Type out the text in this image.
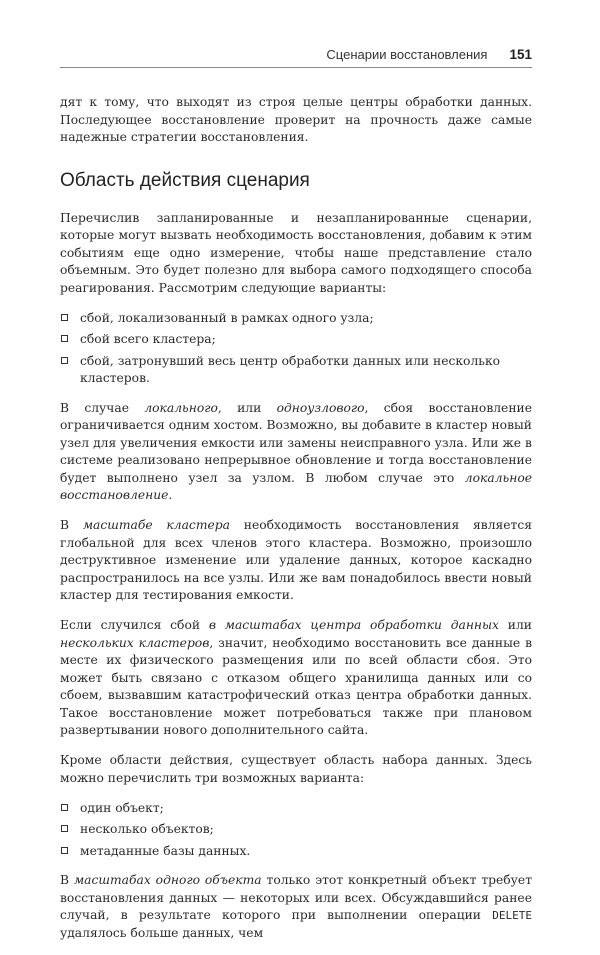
Сценарии восстановления 151

дят к тому, что выходят из строя целые центры обработки данных. Последующее восстановление проверит на прочность даже самые надежные стратегии восстановления.

Область действия сценария

Перечислив запланированные и незапланированные сценарии, которые могут вызвать необходимость восстановления, добавим к этим событиям еще одно измерение, чтобы наше представление стало объемным. Это будет полезно для выбора самого подходящего способа реагирования. Рассмотрим следующие варианты:

сбой, локализованный в рамках одного узла;
сбой всего кластера;
сбой, затронувший весь центр обработки данных или несколько кластеров.

В случае локального, или одноузлового, сбоя восстановление ограничивается одним хостом. Возможно, вы добавите в кластер новый узел для увеличения емкости или замены неисправного узла. Или же в системе реализовано непрерывное обновление и тогда восстановление будет выполнено узел за узлом. В любом случае это локальное восстановление.

В масштабе кластера необходимость восстановления является глобальной для всех членов этого кластера. Возможно, произошло деструктивное изменение или удаление данных, которое каскадно распространилось на все узлы. Или же вам понадобилось ввести новый кластер для тестирования емкости.

Если случился сбой в масштабах центра обработки данных или нескольких кластеров, значит, необходимо восстановить все данные в месте их физического размещения или по всей области сбоя. Это может быть связано с отказом общего хранилища данных или со сбоем, вызвавшим катастрофический отказ центра обработки данных. Такое восстановление может потребоваться также при плановом развертывании нового дополнительного сайта.

Кроме области действия, существует область набора данных. Здесь можно перечислить три возможных варианта:

один объект;
несколько объектов;
метаданные базы данных.

В масштабах одного объекта только этот конкретный объект требует восстановления данных — некоторых или всех. Обсуждавшийся ранее случай, в результате которого при выполнении операции DELETE удалялось больше данных, чем
